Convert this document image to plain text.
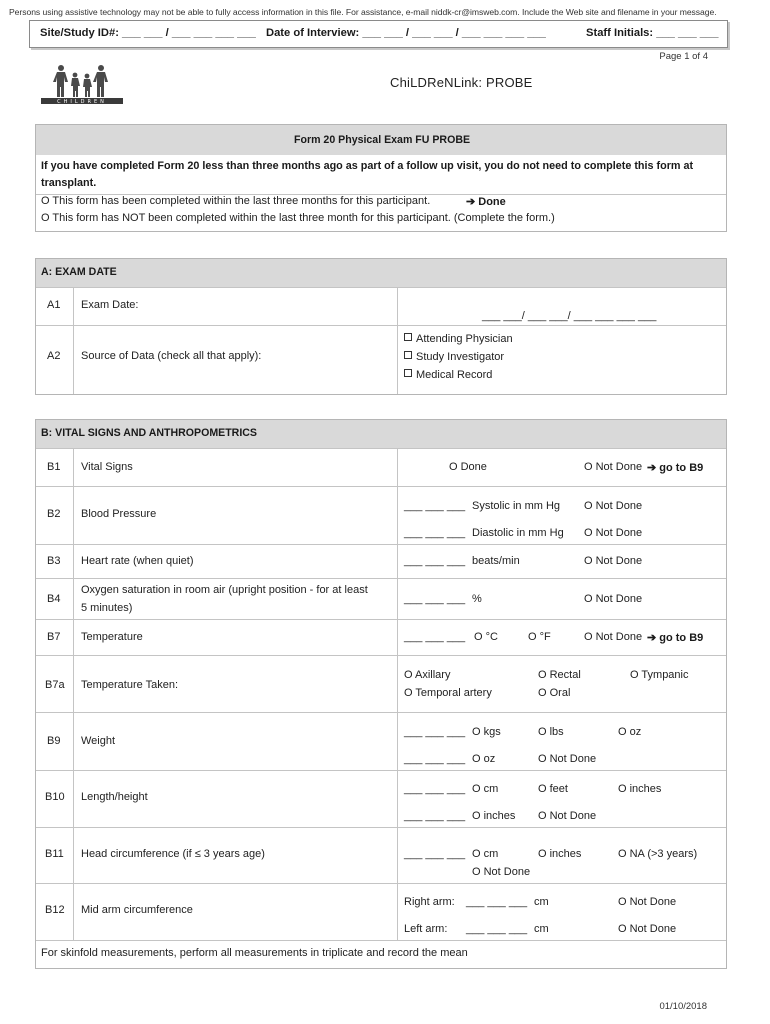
Persons using assistive technology may not be able to fully access information in this file. For assistance, e-mail niddk-cr@imsweb.com. Include the Web site and filename in your message.
Site/Study ID#: ___ ___ / ___ ___ ___ ___ Date of Interview: ___ ___ / ___ ___ / ___ ___ ___ ___	Staff Initials: ___ ___ ___
Page 1 of 4
CHILDREN
ChiLDReNLink: PROBE
Form 20 Physical Exam FU PROBE
If you have completed Form 20 less than three months ago as part of a follow up visit, you do not need to complete this form at transplant.
O This form has been completed within the last three months for this participant.	➔ Done
O This form has NOT been completed within the last three month for this participant. (Complete the form.)
A: EXAM DATE
A1 Exam Date:
___ ___/ ___ ___/ ___ ___ ___ ___
A2 Source of Data (check all that apply):
Attending Physician
Study Investigator
Medical Record
B: VITAL SIGNS AND ANTHROPOMETRICS
B1 Vital Signs	O Done	O Not Done ➔ go to B9
B2 Blood Pressure
___ ___ ___ Systolic in mm Hg O Not Done
___ ___ ___ Diastolic in mm Hg O Not Done
B3 Heart rate (when quiet)	___ ___ ___ beats/min	O Not Done
B4
Oxygen saturation in room air (upright position - for at least
5 minutes)
___ ___ ___ %	O Not Done
B7 Temperature	___ ___ ___ O °C	O °F	O Not Done ➔ go to B9
B7a Temperature Taken:
O Axillary	O Rectal	O Tympanic
O Temporal artery	O Oral
B9 Weight
___ ___ ___ O kgs	O lbs	O oz
___ ___ ___ O oz	O Not Done
B10 Length/height
___ ___ ___ O cm	O feet	O inches
___ ___ ___ O inches O Not Done
B11 Head circumference (if ≤ 3 years age)	___ ___ ___ O cm	O inches	O NA (>3 years)
O Not Done
B12 Mid arm circumference
Right arm: ___ ___ ___ cm	O Not Done
Left arm: ___ ___ ___ cm	O Not Done
For skinfold measurements, perform all measurements in triplicate and record the mean
01/10/2018
